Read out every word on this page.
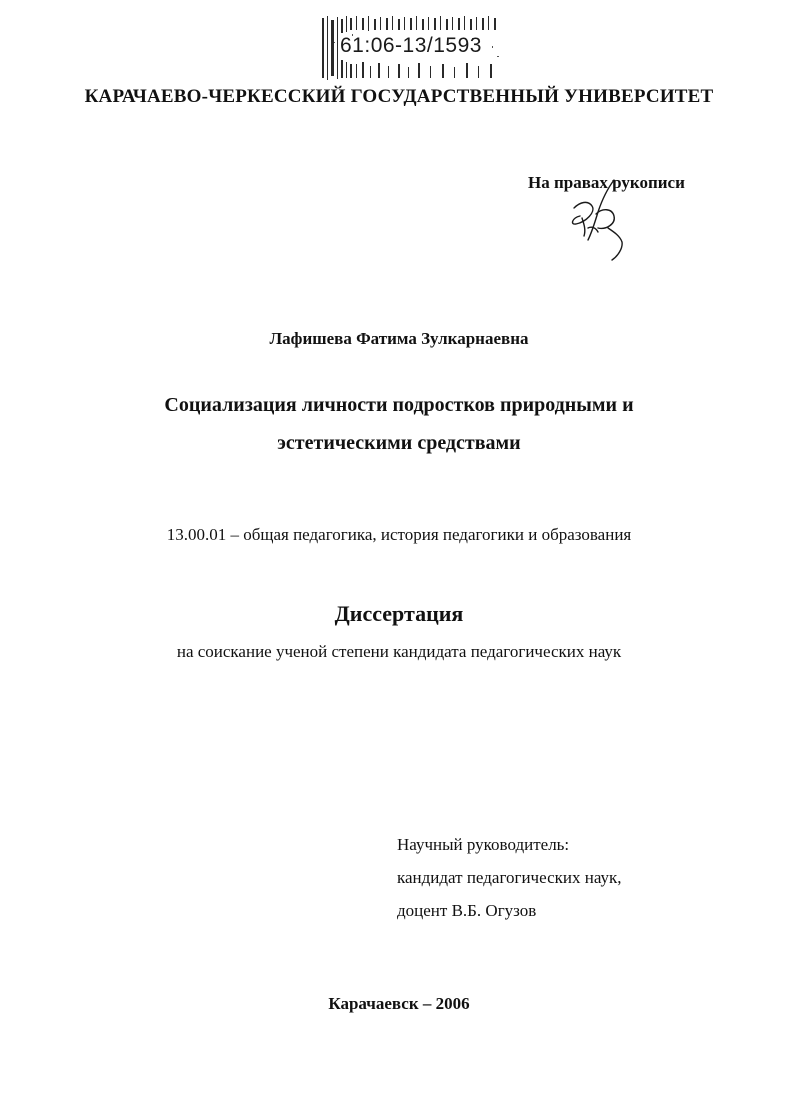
61:06-13/1593
КАРАЧАЕВО-ЧЕРКЕССКИЙ ГОСУДАРСТВЕННЫЙ УНИВЕРСИТЕТ
На правах рукописи
Лафишева Фатима Зулкарнаевна
Социализация личности подростков природными и
эстетическими средствами
13.00.01 – общая педагогика, история педагогики и образования
Диссертация
на соискание ученой степени кандидата педагогических наук
Научный руководитель:
кандидат педагогических наук,
доцент В.Б. Огузов
Карачаевск – 2006
